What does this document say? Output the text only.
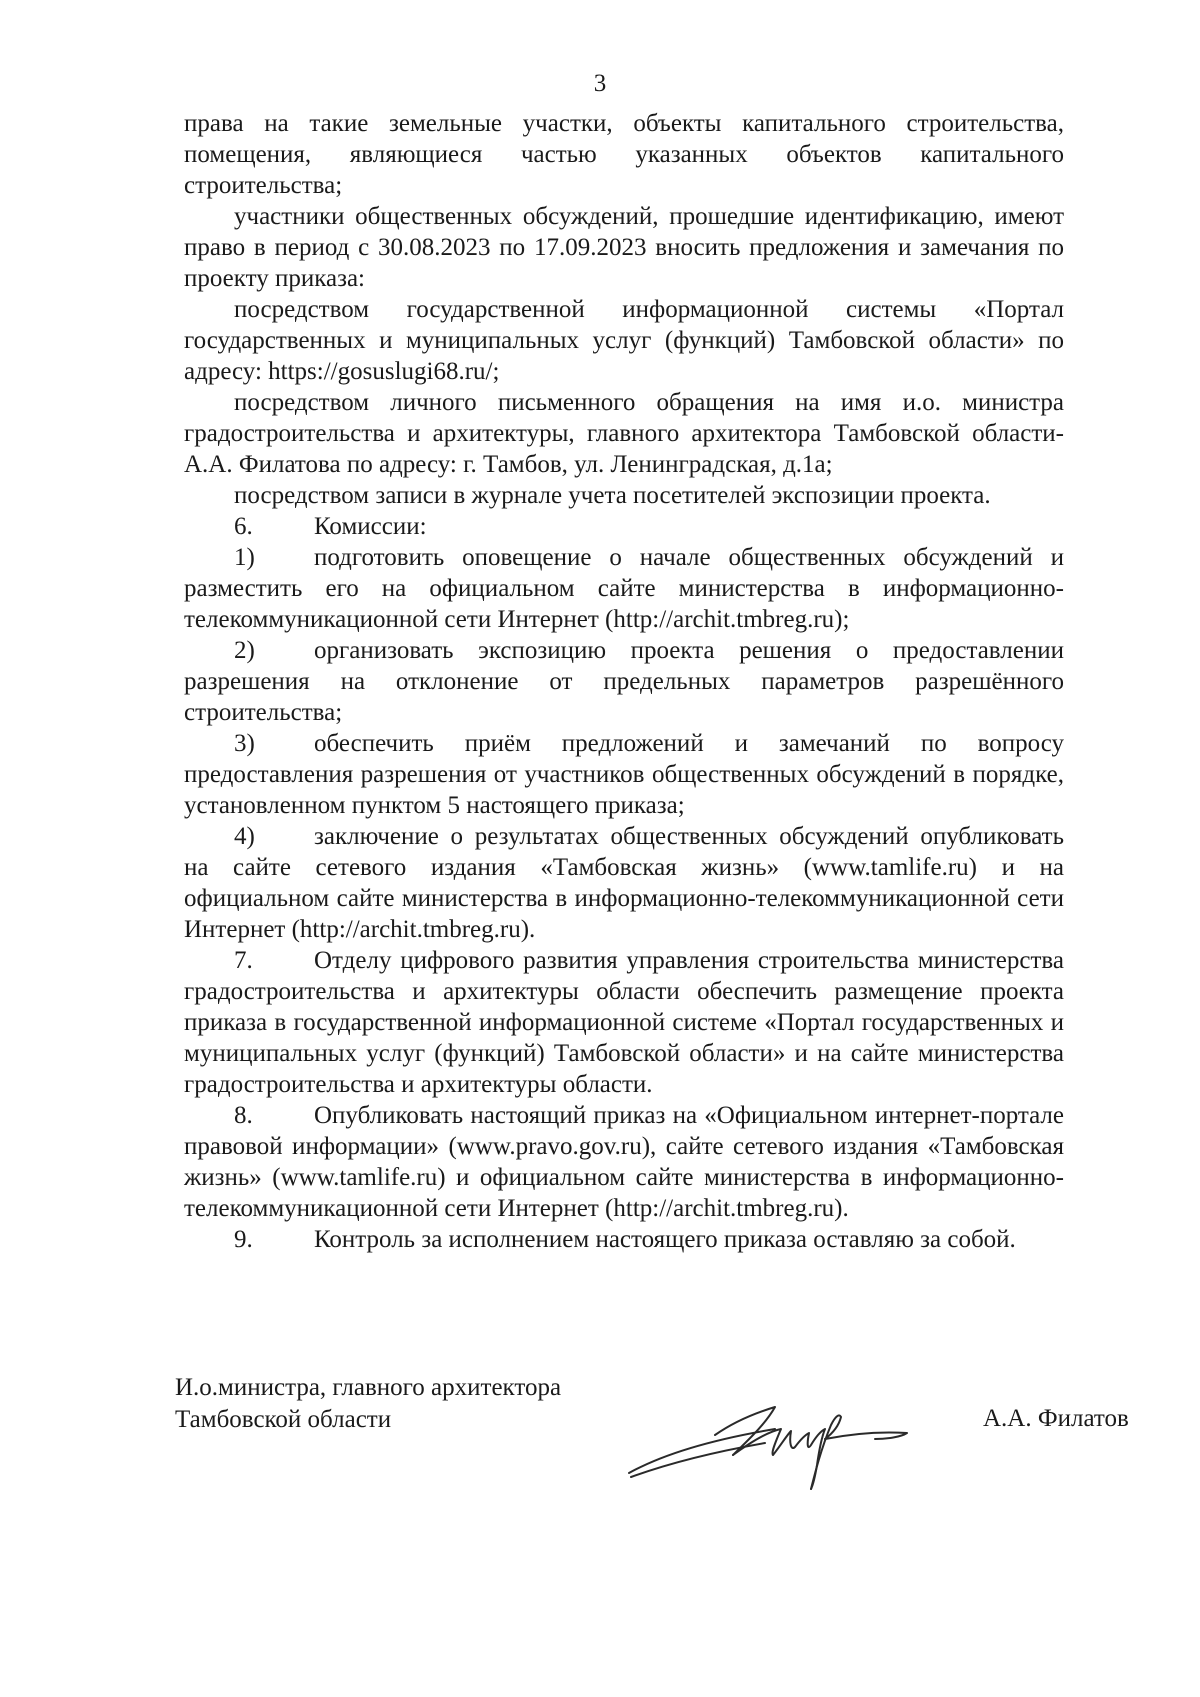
3

права на такие земельные участки, объекты капитального строительства, помещения, являющиеся частью указанных объектов капитального строительства;

участники общественных обсуждений, прошедшие идентификацию, имеют право в период с 30.08.2023 по 17.09.2023 вносить предложения и замечания по проекту приказа:

посредством государственной информационной системы «Портал государственных и муниципальных услуг (функций) Тамбовской области» по адресу: https://gosuslugi68.ru/;

посредством личного письменного обращения на имя и.о. министра градостроительства и архитектуры, главного архитектора Тамбовской области-А.А. Филатова по адресу: г. Тамбов, ул. Ленинградская, д.1а;

посредством записи в журнале учета посетителей экспозиции проекта.

6. Комиссии:

1) подготовить оповещение о начале общественных обсуждений и разместить его на официальном сайте министерства в информационно-телекоммуникационной сети Интернет (http://archit.tmbreg.ru);

2) организовать экспозицию проекта решения о предоставлении разрешения на отклонение от предельных параметров разрешённого строительства;

3) обеспечить приём предложений и замечаний по вопросу предоставления разрешения от участников общественных обсуждений в порядке, установленном пунктом 5 настоящего приказа;

4) заключение о результатах общественных обсуждений опубликовать на сайте сетевого издания «Тамбовская жизнь» (www.tamlife.ru) и на официальном сайте министерства в информационно-телекоммуникационной сети Интернет (http://archit.tmbreg.ru).

7. Отделу цифрового развития управления строительства министерства градостроительства и архитектуры области обеспечить размещение проекта приказа в государственной информационной системе «Портал государственных и муниципальных услуг (функций) Тамбовской области» и на сайте министерства градостроительства и архитектуры области.

8. Опубликовать настоящий приказ на «Официальном интернет-портале правовой информации» (www.pravo.gov.ru), сайте сетевого издания «Тамбовская жизнь» (www.tamlife.ru) и официальном сайте министерства в информационно-телекоммуникационной сети Интернет (http://archit.tmbreg.ru).

9. Контроль за исполнением настоящего приказа оставляю за собой.

И.о.министра, главного архитектора
Тамбовской области	А.А. Филатов
